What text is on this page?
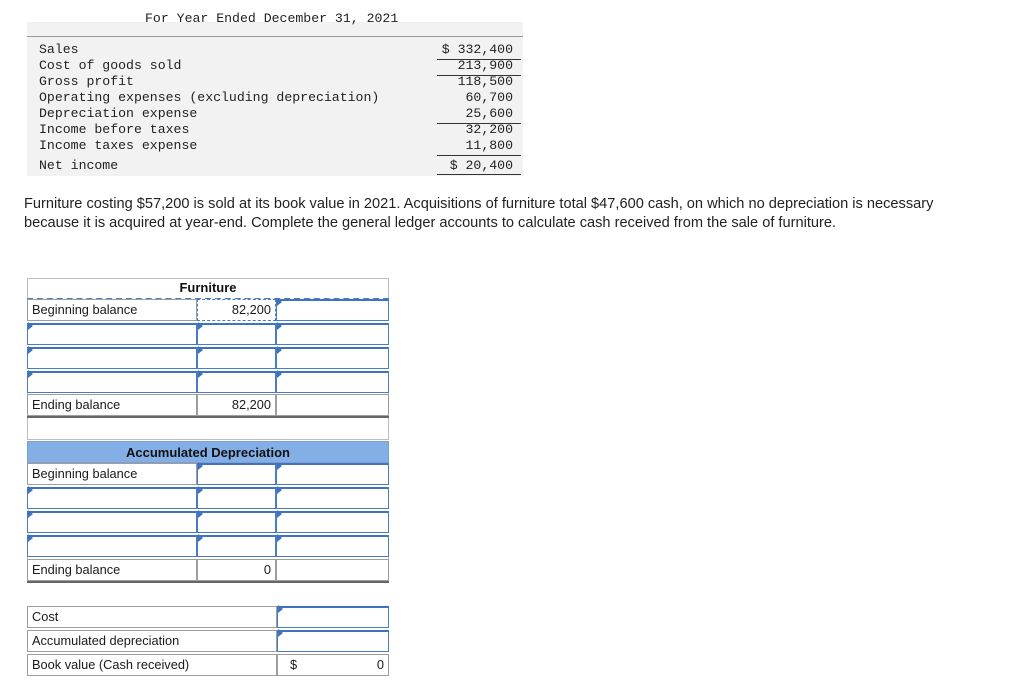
For Year Ended December 31, 2021
Sales	$ 332,400
Cost of goods sold	213,900
Gross profit	118,500
Operating expenses (excluding depreciation)	60,700
Depreciation expense	25,600
Income before taxes	32,200
Income taxes expense	11,800
Net income	$ 20,400
Furniture costing $57,200 is sold at its book value in 2021. Acquisitions of furniture total $47,600 cash, on which no depreciation is necessary because it is acquired at year-end. Complete the general ledger accounts to calculate cash received from the sale of furniture.
Furniture
Beginning balance	82,200
Ending balance	82,200
Accumulated Depreciation
Beginning balance
Ending balance	0
Cost
Accumulated depreciation
Book value (Cash received)	$	0
